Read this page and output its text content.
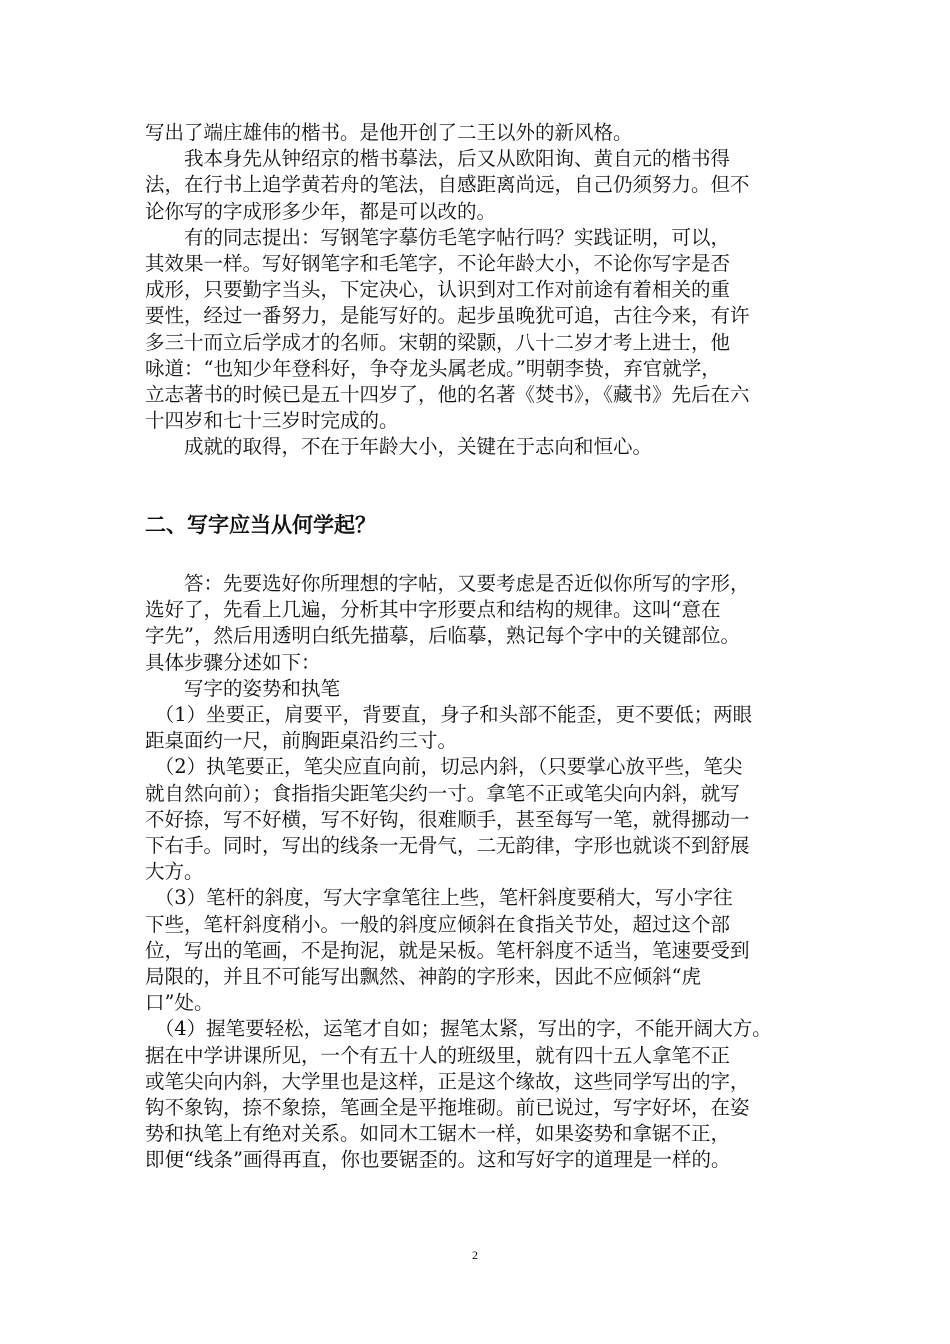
写出了端庄雄伟的楷书。是他开创了二王以外的新风格。

　　我本身先从钟绍京的楷书摹法，后又从欧阳询、黄自元的楷书得

法，在行书上追学黄若舟的笔法，自感距离尚远，自己仍须努力。但不

论你写的字成形多少年，都是可以改的。

　　有的同志提出：写钢笔字摹仿毛笔字帖行吗？实践证明，可以，

其效果一样。写好钢笔字和毛笔字，不论年龄大小，不论你写字是否

成形，只要勤字当头，下定决心，认识到对工作对前途有着相关的重

要性，经过一番努力，是能写好的。起步虽晚犹可追，古往今来，有许

多三十而立后学成才的名师。宋朝的梁颢，八十二岁才考上进士，他

咏道：“也知少年登科好，争夺龙头属老成。”明朝李贽，弃官就学，

立志著书的时候已是五十四岁了，他的名著《焚书》，《藏书》先后在六

十四岁和七十三岁时完成的。

　　成就的取得，不在于年龄大小，关键在于志向和恒心。

二、写字应当从何学起？

　　答：先要选好你所理想的字帖，又要考虑是否近似你所写的字形，

选好了，先看上几遍，分析其中字形要点和结构的规律。这叫“意在

字先”，然后用透明白纸先描摹，后临摹，熟记每个字中的关键部位。

具体步骤分述如下：

　　写字的姿势和执笔

　（1）坐要正，肩要平，背要直，身子和头部不能歪，更不要低；两眼

距桌面约一尺，前胸距桌沿约三寸。

　（2）执笔要正，笔尖应直向前，切忌内斜，（只要掌心放平些，笔尖

就自然向前）；食指指尖距笔尖约一寸。拿笔不正或笔尖向内斜，就写

不好捺，写不好横，写不好钩，很难顺手，甚至每写一笔，就得挪动一

下右手。同时，写出的线条一无骨气，二无韵律，字形也就谈不到舒展

大方。

　（3）笔杆的斜度，写大字拿笔往上些，笔杆斜度要稍大，写小字往

下些，笔杆斜度稍小。一般的斜度应倾斜在食指关节处，超过这个部

位，写出的笔画，不是拘泥，就是呆板。笔杆斜度不适当，笔速要受到

局限的，并且不可能写出飘然、神韵的字形来，因此不应倾斜“虎

口”处。

　（4）握笔要轻松，运笔才自如；握笔太紧，写出的字，不能开阔大方。

据在中学讲课所见，一个有五十人的班级里，就有四十五人拿笔不正

或笔尖向内斜，大学里也是这样，正是这个缘故，这些同学写出的字，

钩不象钩，捺不象捺，笔画全是平拖堆砌。前已说过，写字好坏，在姿

势和执笔上有绝对关系。如同木工锯木一样，如果姿势和拿锯不正，

即便“线条”画得再直，你也要锯歪的。这和写好字的道理是一样的。

2
